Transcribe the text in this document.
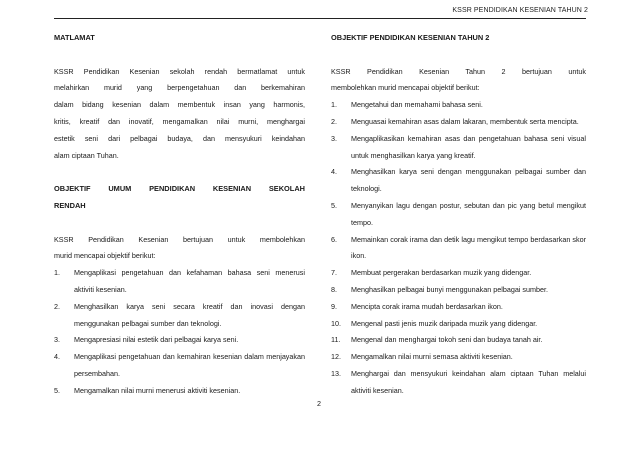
KSSR PENDIDIKAN KESENIAN TAHUN 2
MATLAMAT
KSSR Pendidikan Kesenian sekolah rendah bermatlamat untuk
melahirkan murid yang berpengetahuan dan berkemahiran
dalam bidang kesenian dalam membentuk insan yang harmonis,
kritis, kreatif dan inovatif, mengamalkan nilai murni, menghargai
estetik seni dari pelbagai budaya, dan mensyukuri keindahan
alam ciptaan Tuhan.
OBJEKTIF UMUM PENDIDIKAN KESENIAN SEKOLAH
RENDAH
KSSR Pendidikan Kesenian bertujuan untuk membolehkan
murid mencapai objektif berikut:
1.	Mengaplikasi pengetahuan dan kefahaman bahasa seni menerusi aktiviti kesenian.
2.	Menghasilkan karya seni secara kreatif dan inovasi dengan menggunakan pelbagai sumber dan teknologi.
3.	Mengapresiasi nilai estetik dari pelbagai karya seni.
4.	Mengaplikasi pengetahuan dan kemahiran kesenian dalam menjayakan persembahan.
5.	Mengamalkan nilai murni menerusi aktiviti kesenian.
OBJEKTIF PENDIDIKAN KESENIAN TAHUN 2
KSSR Pendidikan Kesenian Tahun 2 bertujuan untuk
membolehkan murid mencapai objektif berikut:
1.	Mengetahui dan memahami bahasa seni.
2.	Menguasai kemahiran asas dalam lakaran, membentuk serta mencipta.
3.	Mengaplikasikan kemahiran asas dan pengetahuan bahasa seni visual untuk menghasilkan karya yang kreatif.
4.	Menghasilkan karya seni dengan menggunakan pelbagai sumber dan teknologi.
5.	Menyanyikan lagu dengan postur, sebutan dan pic yang betul mengikut tempo.
6.	Memainkan corak irama dan detik lagu mengikut tempo berdasarkan skor ikon.
7.	Membuat pergerakan berdasarkan muzik yang didengar.
8.	Menghasilkan pelbagai bunyi menggunakan pelbagai sumber.
9.	Mencipta corak irama mudah berdasarkan ikon.
10.	Mengenal pasti jenis muzik daripada muzik yang didengar.
11.	Mengenal dan menghargai tokoh seni dan budaya tanah air.
12.	Mengamalkan nilai murni semasa aktiviti kesenian.
13.	Menghargai dan mensyukuri keindahan alam ciptaan Tuhan melalui aktiviti kesenian.
2
